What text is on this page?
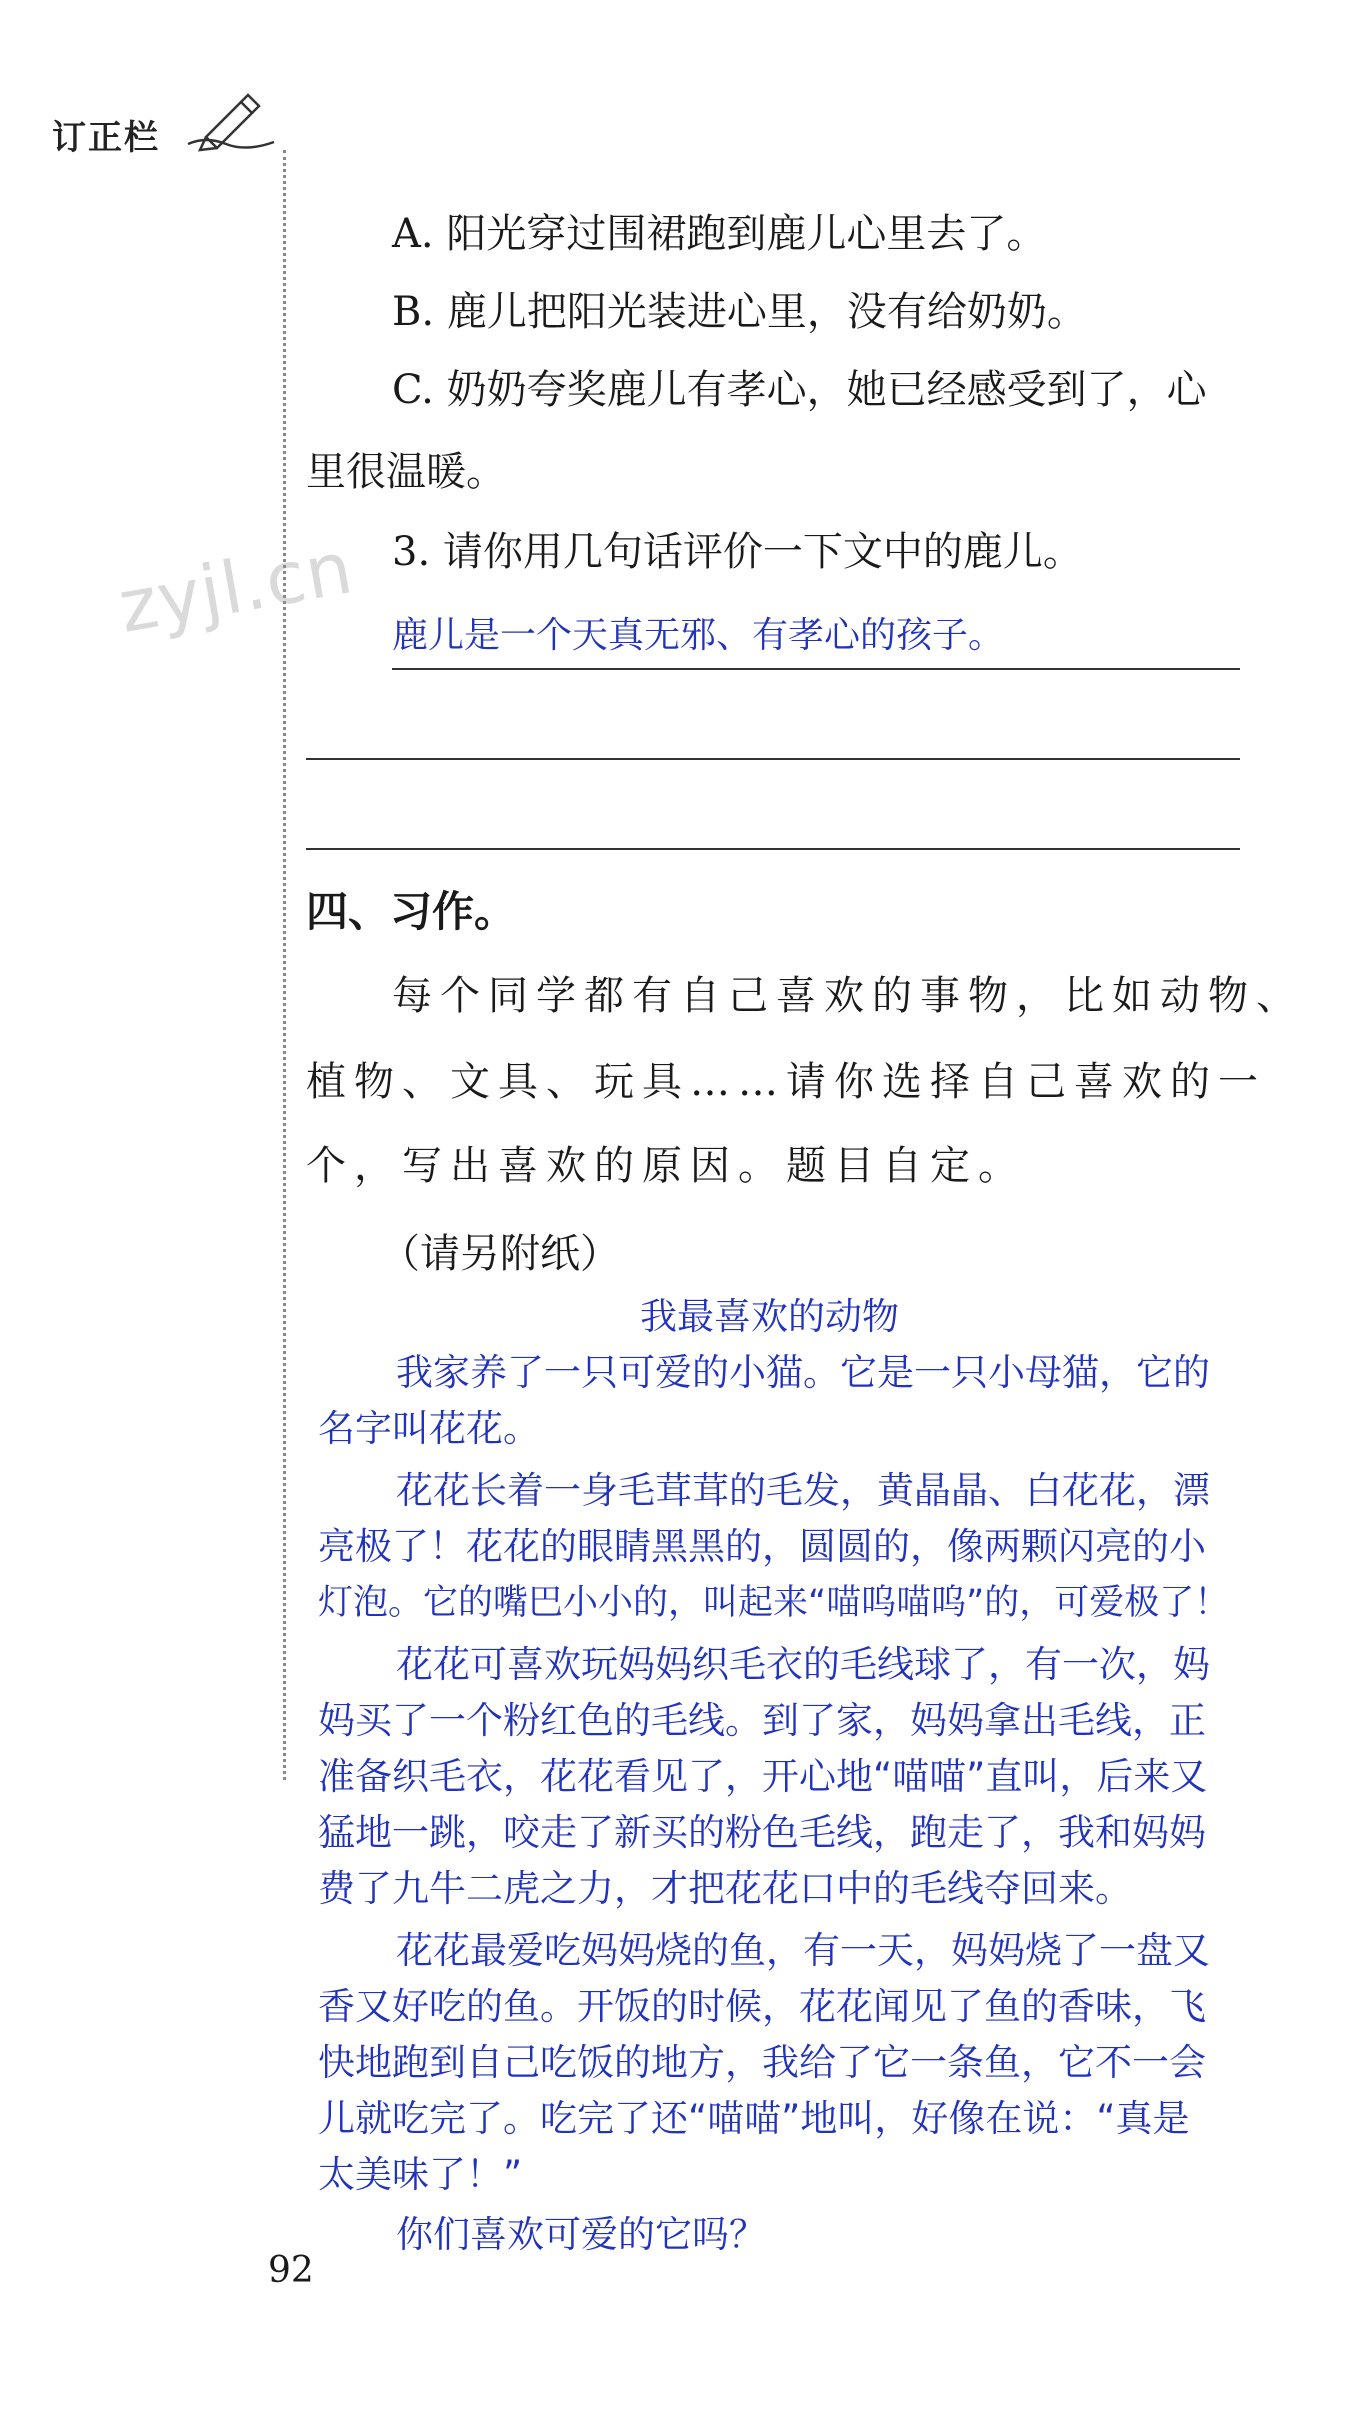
订正栏
zyjl.cn
A. 阳光穿过围裙跑到鹿儿心里去了。
B. 鹿儿把阳光装进心里，没有给奶奶。
C. 奶奶夸奖鹿儿有孝心，她已经感受到了，心
里很温暖。
3. 请你用几句话评价一下文中的鹿儿。
鹿儿是一个天真无邪、有孝心的孩子。
四、习作。
每个同学都有自己喜欢的事物，比如动物、
植物、文具、玩具……请你选择自己喜欢的一
个，写出喜欢的原因。题目自定。
（请另附纸）
我最喜欢的动物
我家养了一只可爱的小猫。它是一只小母猫，它的
名字叫花花。
花花长着一身毛茸茸的毛发，黄晶晶、白花花，漂
亮极了！花花的眼睛黑黑的，圆圆的，像两颗闪亮的小
灯泡。它的嘴巴小小的，叫起来“喵呜喵呜”的，可爱极了！
花花可喜欢玩妈妈织毛衣的毛线球了，有一次，妈
妈买了一个粉红色的毛线。到了家，妈妈拿出毛线，正
准备织毛衣，花花看见了，开心地“喵喵”直叫，后来又
猛地一跳，咬走了新买的粉色毛线，跑走了，我和妈妈
费了九牛二虎之力，才把花花口中的毛线夺回来。
花花最爱吃妈妈烧的鱼，有一天，妈妈烧了一盘又
香又好吃的鱼。开饭的时候，花花闻见了鱼的香味，飞
快地跑到自己吃饭的地方，我给了它一条鱼，它不一会
儿就吃完了。吃完了还“喵喵”地叫，好像在说：“真是
太美味了！”
你们喜欢可爱的它吗？
92
